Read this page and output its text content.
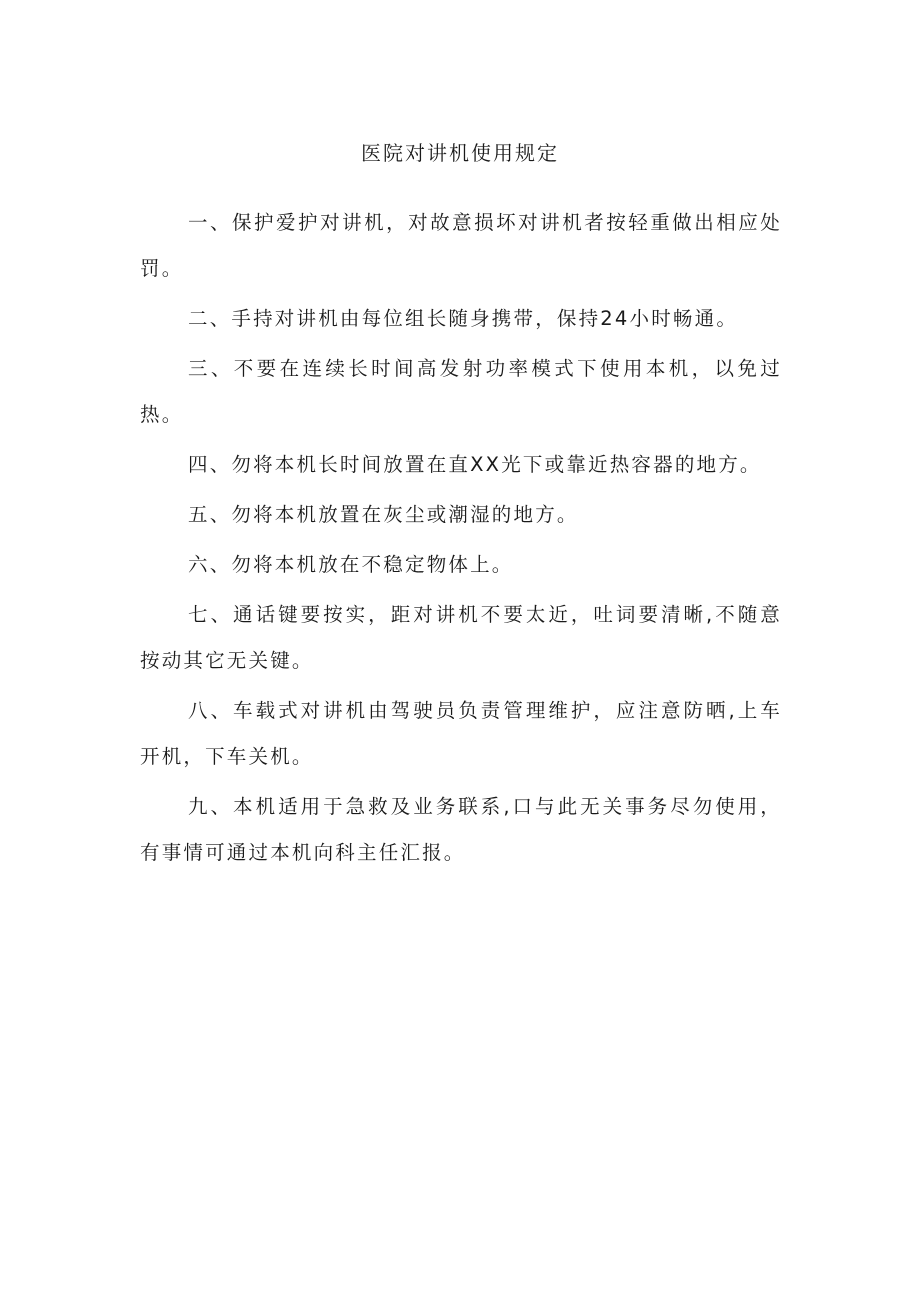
医院对讲机使用规定

一、保护爱护对讲机，对故意损坏对讲机者按轻重做出相应处罚。

二、手持对讲机由每位组长随身携带，保持24小时畅通。

三、不要在连续长时间高发射功率模式下使用本机，以免过热。

四、勿将本机长时间放置在直XX光下或靠近热容器的地方。

五、勿将本机放置在灰尘或潮湿的地方。

六、勿将本机放在不稳定物体上。

七、通话键要按实，距对讲机不要太近，吐词要清晰,不随意按动其它无关键。

八、车载式对讲机由驾驶员负责管理维护，应注意防晒,上车开机，下车关机。

九、本机适用于急救及业务联系,口与此无关事务尽勿使用，有事情可通过本机向科主任汇报。
